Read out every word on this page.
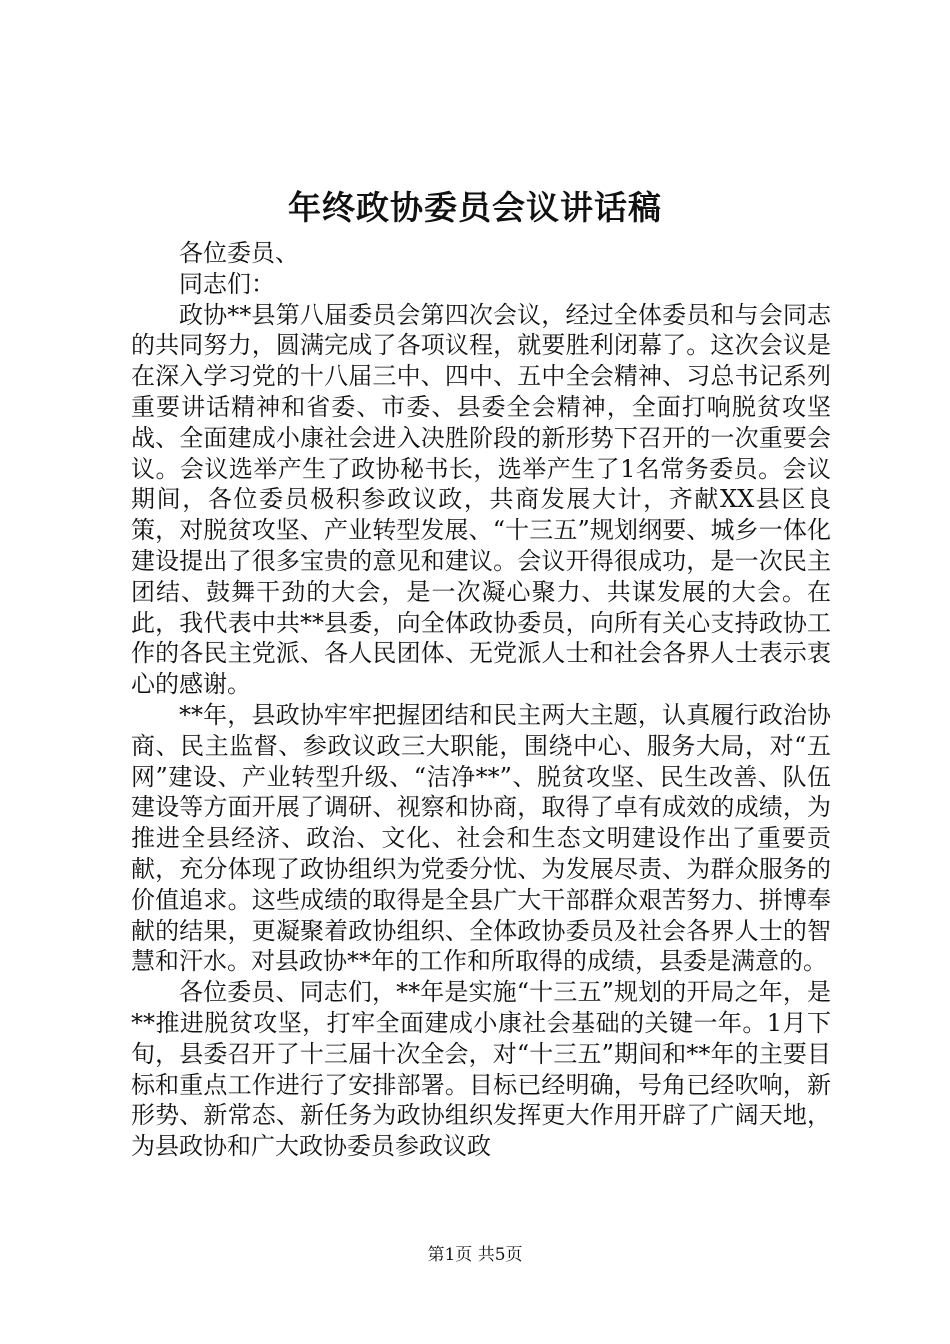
年终政协委员会议讲话稿

各位委员、

同志们：

政协**县第八届委员会第四次会议，经过全体委员和与会同志的共同努力，圆满完成了各项议程，就要胜利闭幕了。这次会议是在深入学习党的十八届三中、四中、五中全会精神、习总书记系列重要讲话精神和省委、市委、县委全会精神，全面打响脱贫攻坚战、全面建成小康社会进入决胜阶段的新形势下召开的一次重要会议。会议选举产生了政协秘书长，选举产生了1名常务委员。会议期间，各位委员极积参政议政，共商发展大计，齐献XX县区良策，对脱贫攻坚、产业转型发展、“十三五”规划纲要、城乡一体化建设提出了很多宝贵的意见和建议。会议开得很成功，是一次民主团结、鼓舞干劲的大会，是一次凝心聚力、共谋发展的大会。在此，我代表中共**县委，向全体政协委员，向所有关心支持政协工作的各民主党派、各人民团体、无党派人士和社会各界人士表示衷心的感谢。

**年，县政协牢牢把握团结和民主两大主题，认真履行政治协商、民主监督、参政议政三大职能，围绕中心、服务大局，对“五网”建设、产业转型升级、“洁净**”、脱贫攻坚、民生改善、队伍建设等方面开展了调研、视察和协商，取得了卓有成效的成绩，为推进全县经济、政治、文化、社会和生态文明建设作出了重要贡献，充分体现了政协组织为党委分忧、为发展尽责、为群众服务的价值追求。这些成绩的取得是全县广大干部群众艰苦努力、拼博奉献的结果，更凝聚着政协组织、全体政协委员及社会各界人士的智慧和汗水。对县政协**年的工作和所取得的成绩，县委是满意的。

各位委员、同志们，**年是实施“十三五”规划的开局之年，是**推进脱贫攻坚，打牢全面建成小康社会基础的关键一年。1月下旬，县委召开了十三届十次全会，对“十三五”期间和**年的主要目标和重点工作进行了安排部署。目标已经明确，号角已经吹响，新形势、新常态、新任务为政协组织发挥更大作用开辟了广阔天地，为县政协和广大政协委员参政议政

第1页 共5页
